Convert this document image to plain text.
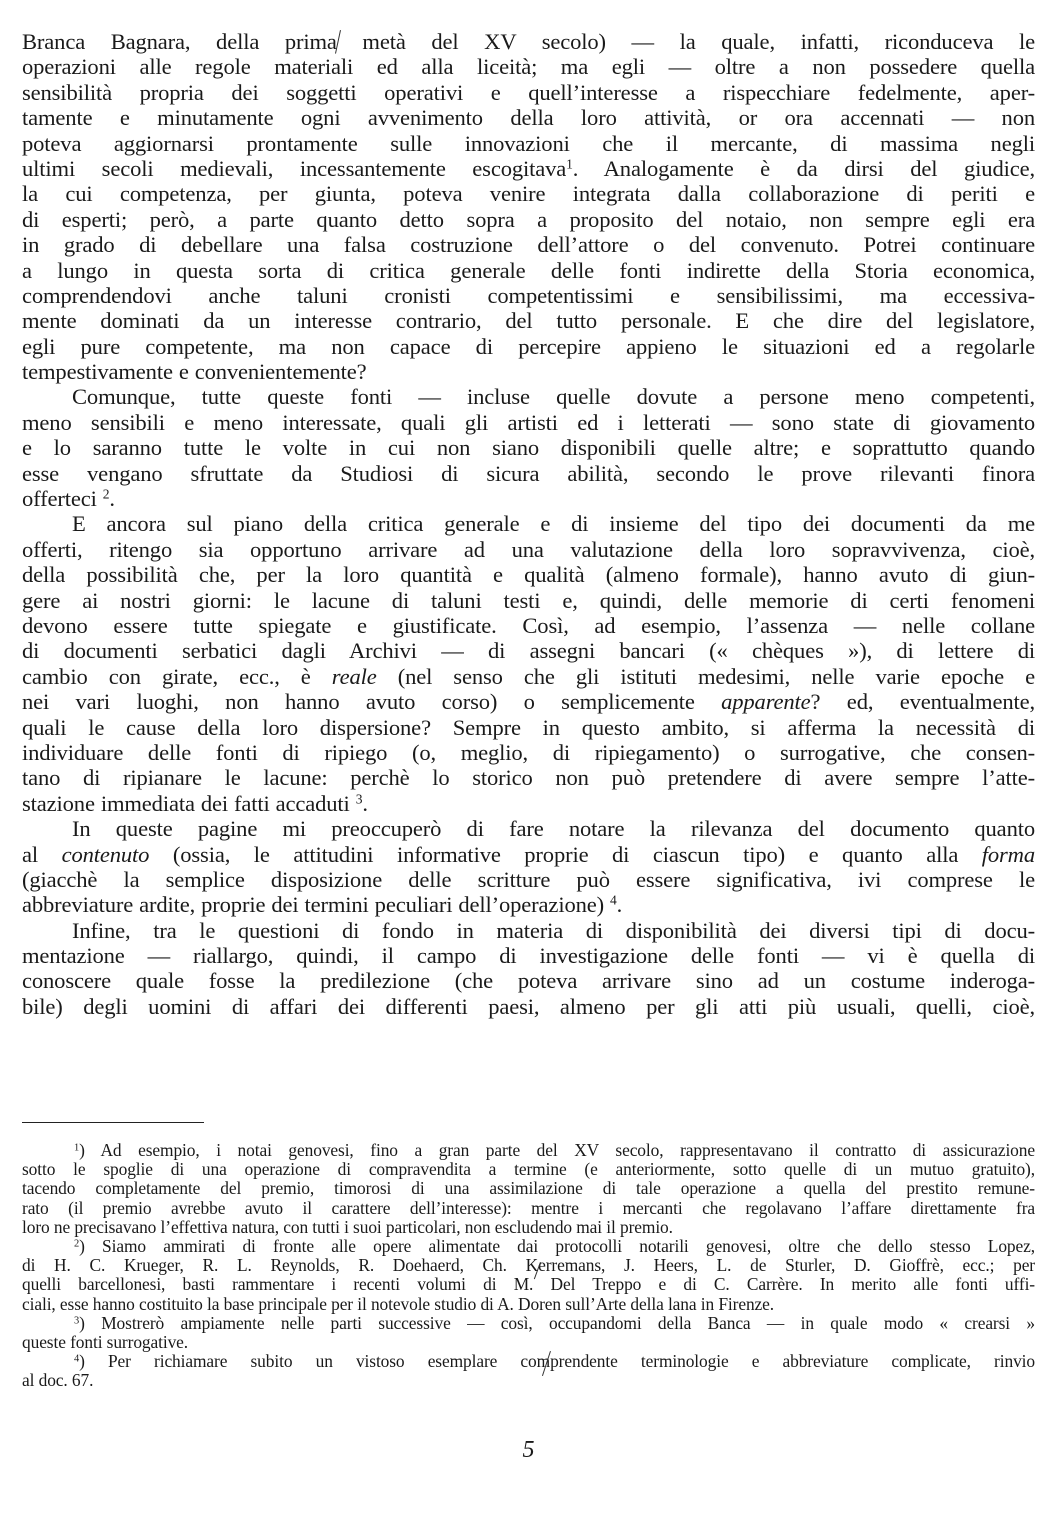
Branca Bagnara, della prima metà del XV secolo) — la quale, infatti, riconduceva le
operazioni alle regole materiali ed alla liceità; ma egli — oltre a non possedere quella
sensibilità propria dei soggetti operativi e quell’interesse a rispecchiare fedelmente, aper-
tamente e minutamente ogni avvenimento della loro attività, or ora accennati — non
poteva aggiornarsi prontamente sulle innovazioni che il mercante, di massima negli
ultimi secoli medievali, incessantemente escogitava$^1$. Analogamente è da dirsi del giudice,
la cui competenza, per giunta, poteva venire integrata dalla collaborazione di periti e
di esperti; però, a parte quanto detto sopra a proposito del notaio, non sempre egli era
in grado di debellare una falsa costruzione dell’attore o del convenuto. Potrei continuare
a lungo in questa sorta di critica generale delle fonti indirette della Storia economica,
comprendendovi anche taluni cronisti competentissimi e sensibilissimi, ma eccessiva-
mente dominati da un interesse contrario, del tutto personale. E che dire del legislatore,
egli pure competente, ma non capace di percepire appieno le situazioni ed a regolarle
tempestivamente e convenientemente?

Comunque, tutte queste fonti — incluse quelle dovute a persone meno competenti,
meno sensibili e meno interessate, quali gli artisti ed i letterati — sono state di giovamento
e lo saranno tutte le volte in cui non siano disponibili quelle altre; e soprattutto quando
esse vengano sfruttate da Studiosi di sicura abilità, secondo le prove rilevanti finora
offerteci $^2$.

E ancora sul piano della critica generale e di insieme del tipo dei documenti da me
offerti, ritengo sia opportuno arrivare ad una valutazione della loro sopravvivenza, cioè,
della possibilità che, per la loro quantità e qualità (almeno formale), hanno avuto di giun-
gere ai nostri giorni: le lacune di taluni testi e, quindi, delle memorie di certi fenomeni
devono essere tutte spiegate e giustificate. Così, ad esempio, l’assenza — nelle collane
di documenti serbatici dagli Archivi — di assegni bancari (« chèques »), di lettere di
cambio con girate, ecc., è reale (nel senso che gli istituti medesimi, nelle varie epoche e
nei vari luoghi, non hanno avuto corso) o semplicemente apparente? ed, eventualmente,
quali le cause della loro dispersione? Sempre in questo ambito, si afferma la necessità di
individuare delle fonti di ripiego (o, meglio, di ripiegamento) o surrogative, che consen-
tano di ripianare le lacune: perchè lo storico non può pretendere di avere sempre l’atte-
stazione immediata dei fatti accaduti $^3$.

In queste pagine mi preoccuperò di fare notare la rilevanza del documento quanto
al contenuto (ossia, le attitudini informative proprie di ciascun tipo) e quanto alla forma
(giacchè la semplice disposizione delle scritture può essere significativa, ivi comprese le
abbreviature ardite, proprie dei termini peculiari dell’operazione) $^4$.

Infine, tra le questioni di fondo in materia di disponibilità dei diversi tipi di docu-
mentazione — riallargo, quindi, il campo di investigazione delle fonti — vi è quella di
conoscere quale fosse la predilezione (che poteva arrivare sino ad un costume inderoga-
bile) degli uomini di affari dei differenti paesi, almeno per gli atti più usuali, quelli, cioè,

$^1$) Ad esempio, i notai genovesi, fino a gran parte del XV secolo, rappresentavano il contratto di assicurazione
sotto le spoglie di una operazione di compravendita a termine (e anteriormente, sotto quelle di un mutuo gratuito),
tacendo completamente del premio, timorosi di una assimilazione di tale operazione a quella del prestito remune-
rato (il premio avrebbe avuto il carattere dell’interesse): mentre i mercanti che regolavano l’affare direttamente fra
loro ne precisavano l’effettiva natura, con tutti i suoi particolari, non escludendo mai il premio.
$^2$) Siamo ammirati di fronte alle opere alimentate dai protocolli notarili genovesi, oltre che dello stesso Lopez,
di H. C. Krueger, R. L. Reynolds, R. Doehaerd, Ch. Kerremans, J. Heers, L. de Sturler, D. Gioffrè, ecc.; per
quelli barcellonesi, basti rammentare i recenti volumi di M. Del Treppo e di C. Carrère. In merito alle fonti uffi-
ciali, esse hanno costituito la base principale per il notevole studio di A. Doren sull’Arte della lana in Firenze.
$^3$) Mostrerò ampiamente nelle parti successive — così, occupandomi della Banca — in quale modo « crearsi »
queste fonti surrogative.
$^4$) Per richiamare subito un vistoso esemplare comprendente terminologie e abbreviature complicate, rinvio
al doc. 67.
5
